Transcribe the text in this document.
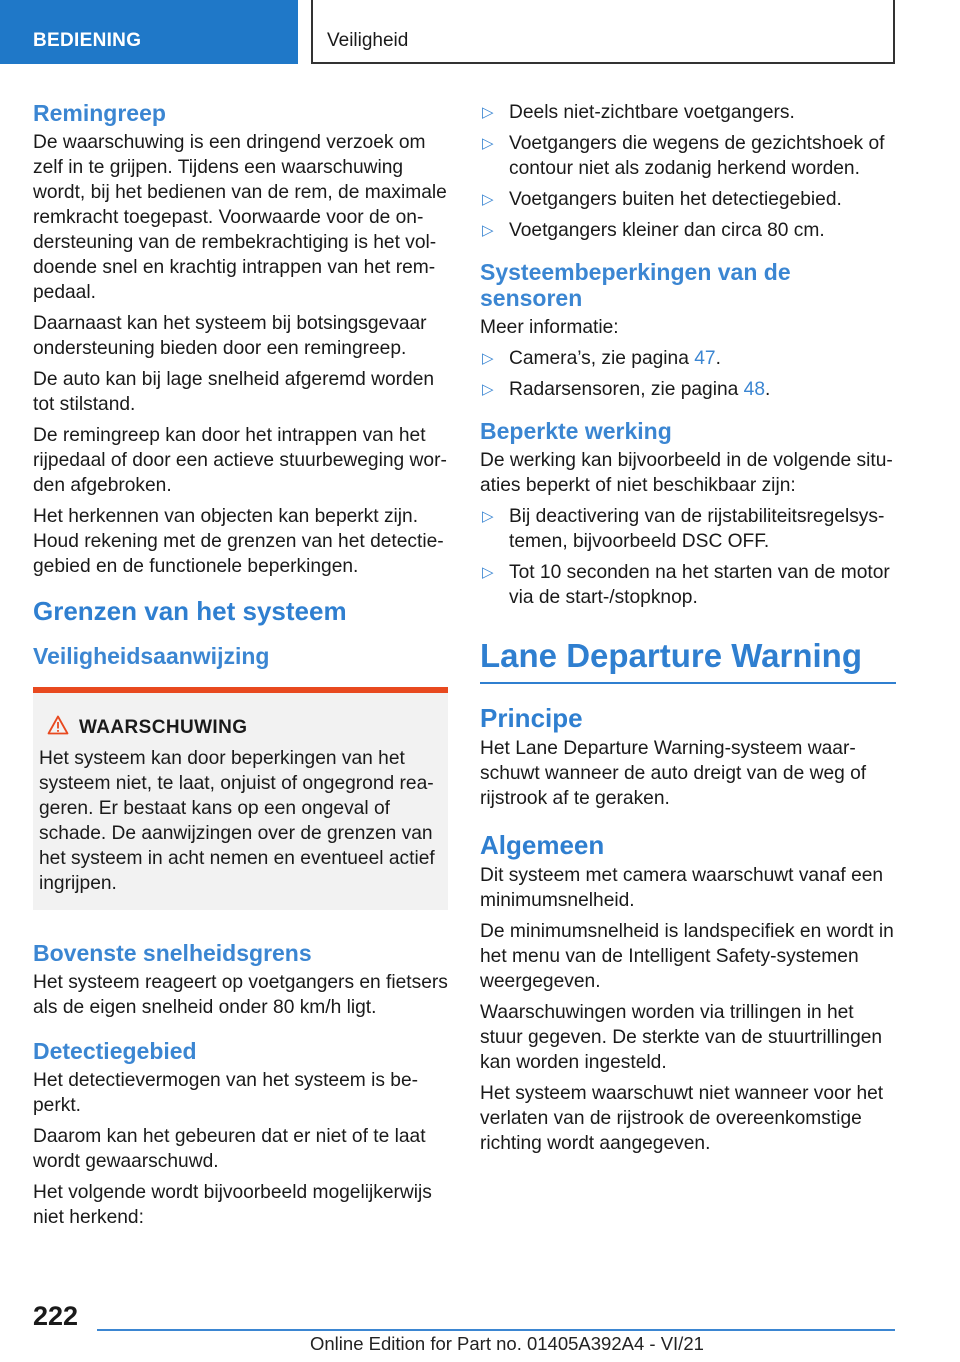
BEDIENING	Veiligheid
Remingreep

De waarschuwing is een dringend verzoek om zelf in te grijpen. Tijdens een waarschuwing wordt, bij het bedienen van de rem, de maximale remkracht toegepast. Voorwaarde voor de ondersteuning van de rembekrachtiging is het voldoende snel en krachtig intrappen van het rempedaal.

Daarnaast kan het systeem bij botsingsgevaar ondersteuning bieden door een remingreep.

De auto kan bij lage snelheid afgeremd worden tot stilstand.

De remingreep kan door het intrappen van het rijpedaal of door een actieve stuurbeweging worden afgebroken.

Het herkennen van objecten kan beperkt zijn. Houd rekening met de grenzen van het detectiegebied en de functionele beperkingen.

Grenzen van het systeem
Veiligheidsaanwijzing
WAARSCHUWING

Het systeem kan door beperkingen van het systeem niet, te laat, onjuist of ongegrond reageren. Er bestaat kans op een ongeval of schade. De aanwijzingen over de grenzen van het systeem in acht nemen en eventueel actief ingrijpen.

Bovenste snelheidsgrens

Het systeem reageert op voetgangers en fietsers als de eigen snelheid onder 80 km/h ligt.

Detectiegebied

Het detectievermogen van het systeem is beperkt.

Daarom kan het gebeuren dat er niet of te laat wordt gewaarschuwd.

Het volgende wordt bijvoorbeeld mogelijkerwijs niet herkend:

▷ Deels niet-zichtbare voetgangers.
▷ Voetgangers die wegens de gezichtshoek of contour niet als zodanig herkend worden.
▷ Voetgangers buiten het detectiegebied.
▷ Voetgangers kleiner dan circa 80 cm.
Systeembeperkingen van de sensoren

Meer informatie:

▷ Camera’s, zie pagina 47.
▷ Radarsensoren, zie pagina 48.
Beperkte werking

De werking kan bijvoorbeeld in de volgende situaties beperkt of niet beschikbaar zijn:

▷ Bij deactivering van de rijstabiliteitsregelsystemen, bijvoorbeeld DSC OFF.
▷ Tot 10 seconden na het starten van de motor via de start-/stopknop.
Lane Departure Warning
Principe

Het Lane Departure Warning-systeem waarschuwt wanneer de auto dreigt van de weg of rijstrook af te geraken.

Algemeen

Dit systeem met camera waarschuwt vanaf een minimumsnelheid.

De minimumsnelheid is landspecifiek en wordt in het menu van de Intelligent Safety-systemen weergegeven.

Waarschuwingen worden via trillingen in het stuur gegeven. De sterkte van de stuurtrillingen kan worden ingesteld.

Het systeem waarschuwt niet wanneer voor het verlaten van de rijstrook de overeenkomstige richting wordt aangegeven.

222
Online Edition for Part no. 01405A392A4 - VI/21
